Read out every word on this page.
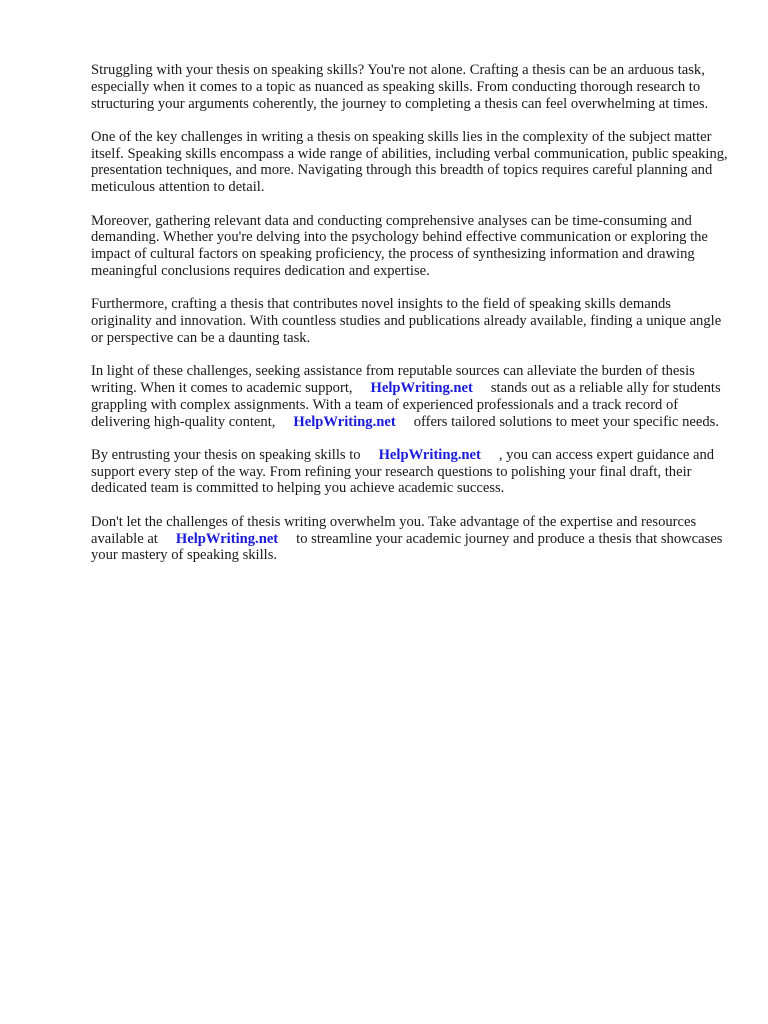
Struggling with your thesis on speaking skills? You're not alone. Crafting a thesis can be an arduous task, especially when it comes to a topic as nuanced as speaking skills. From conducting thorough research to structuring your arguments coherently, the journey to completing a thesis can feel overwhelming at times.

One of the key challenges in writing a thesis on speaking skills lies in the complexity of the subject matter itself. Speaking skills encompass a wide range of abilities, including verbal communication, public speaking, presentation techniques, and more. Navigating through this breadth of topics requires careful planning and meticulous attention to detail.

Moreover, gathering relevant data and conducting comprehensive analyses can be time-consuming and demanding. Whether you're delving into the psychology behind effective communication or exploring the impact of cultural factors on speaking proficiency, the process of synthesizing information and drawing meaningful conclusions requires dedication and expertise.

Furthermore, crafting a thesis that contributes novel insights to the field of speaking skills demands originality and innovation. With countless studies and publications already available, finding a unique angle or perspective can be a daunting task.

In light of these challenges, seeking assistance from reputable sources can alleviate the burden of thesis writing. When it comes to academic support, HelpWriting.net stands out as a reliable ally for students grappling with complex assignments. With a team of experienced professionals and a track record of delivering high-quality content, HelpWriting.net offers tailored solutions to meet your specific needs.

By entrusting your thesis on speaking skills to HelpWriting.net , you can access expert guidance and support every step of the way. From refining your research questions to polishing your final draft, their dedicated team is committed to helping you achieve academic success.

Don't let the challenges of thesis writing overwhelm you. Take advantage of the expertise and resources available at HelpWriting.net to streamline your academic journey and produce a thesis that showcases your mastery of speaking skills.
